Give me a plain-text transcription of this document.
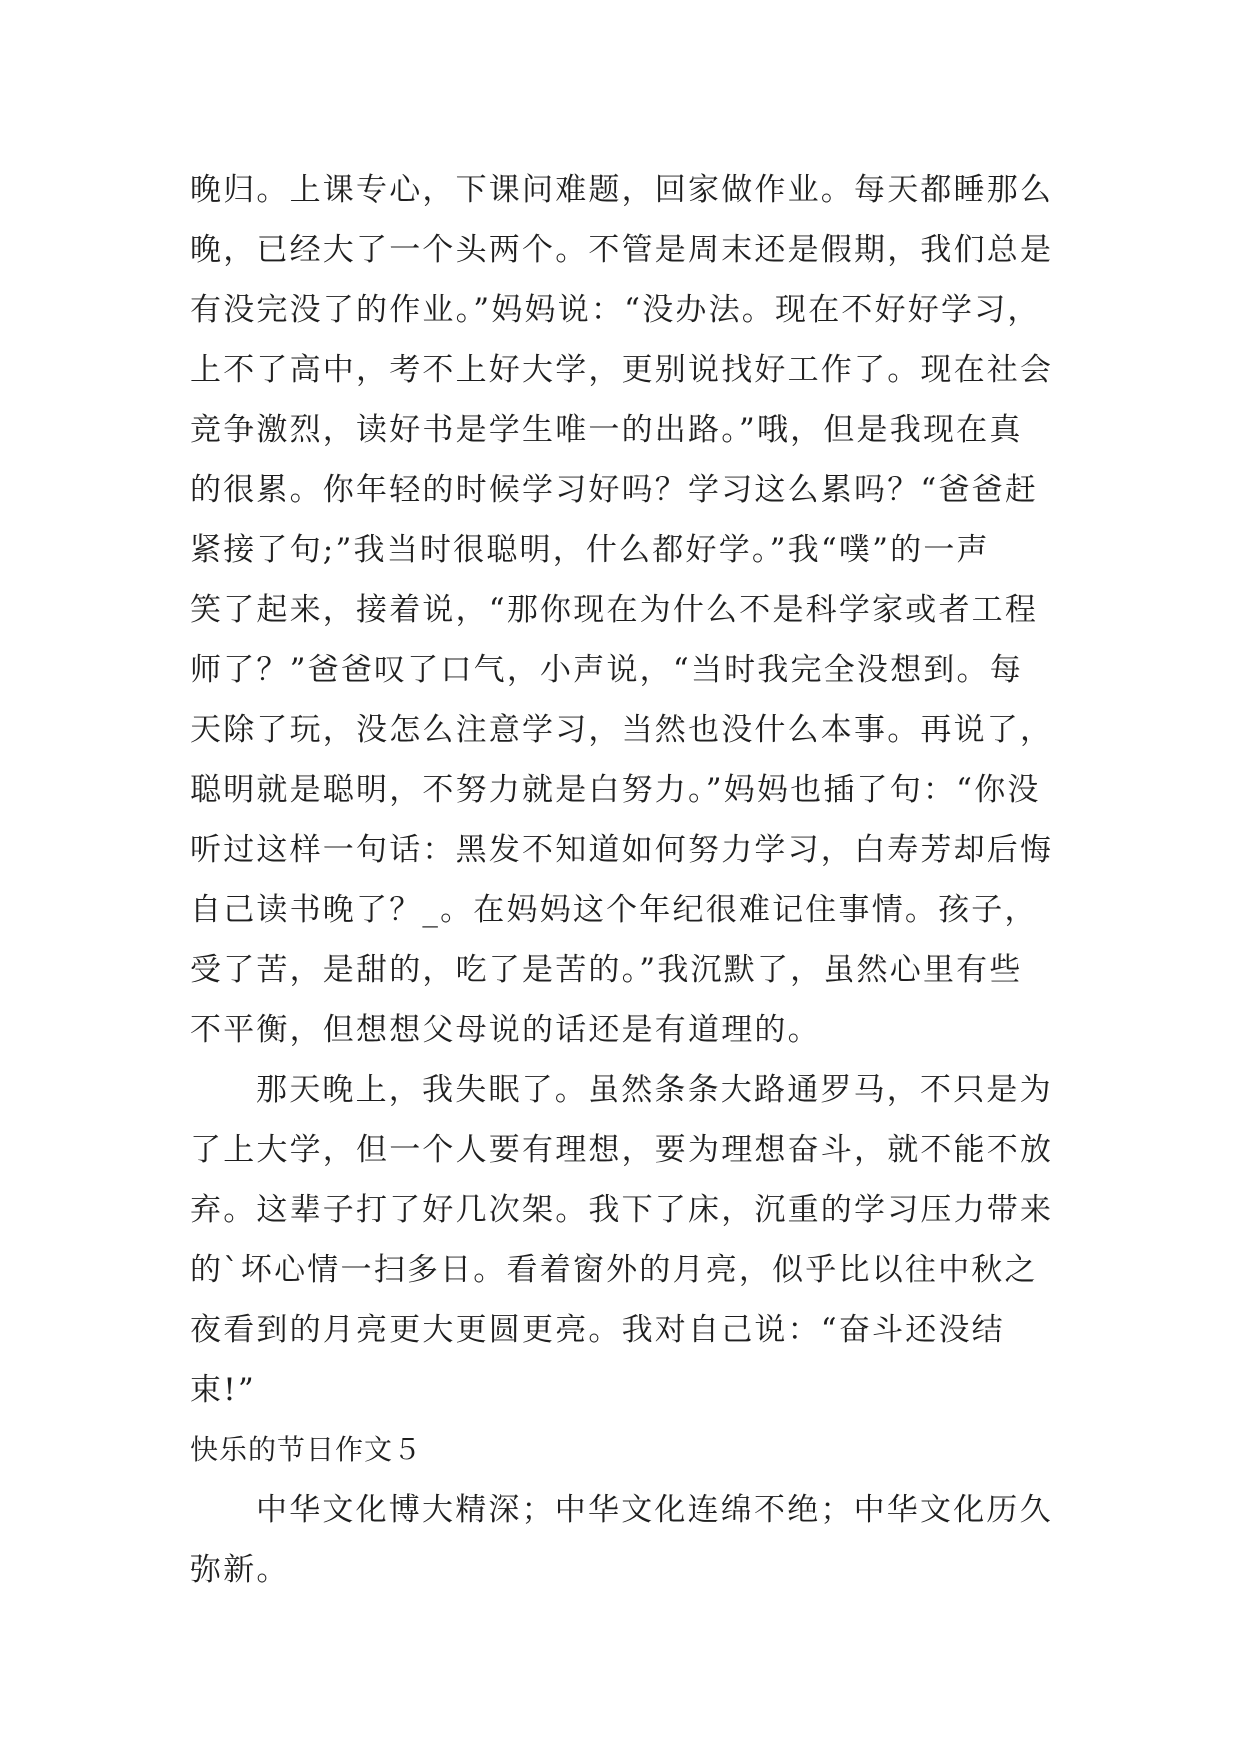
晚归。上课专心，下课问难题，回家做作业。每天都睡那么
晚，已经大了一个头两个。不管是周末还是假期，我们总是
有没完没了的作业。”妈妈说：“没办法。现在不好好学习，
上不了高中，考不上好大学，更别说找好工作了。现在社会
竞争激烈，读好书是学生唯一的出路。”哦，但是我现在真
的很累。你年轻的时候学习好吗？学习这么累吗？“爸爸赶
紧接了句;”我当时很聪明，什么都好学。”我“噗”的一声
笑了起来，接着说，“那你现在为什么不是科学家或者工程
师了？”爸爸叹了口气，小声说，“当时我完全没想到。每
天除了玩，没怎么注意学习，当然也没什么本事。再说了，
聪明就是聪明，不努力就是白努力。”妈妈也插了句：“你没
听过这样一句话：黑发不知道如何努力学习，白寿芳却后悔
自己读书晚了？_。在妈妈这个年纪很难记住事情。孩子，
受了苦，是甜的，吃了是苦的。”我沉默了，虽然心里有些
不平衡，但想想父母说的话还是有道理的。
那天晚上，我失眠了。虽然条条大路通罗马，不只是为
了上大学，但一个人要有理想，要为理想奋斗，就不能不放
弃。这辈子打了好几次架。我下了床，沉重的学习压力带来
的`坏心情一扫多日。看着窗外的月亮，似乎比以往中秋之
夜看到的月亮更大更圆更亮。我对自己说：“奋斗还没结
束!”
快乐的节日作文５
中华文化博大精深；中华文化连绵不绝；中华文化历久
弥新。
